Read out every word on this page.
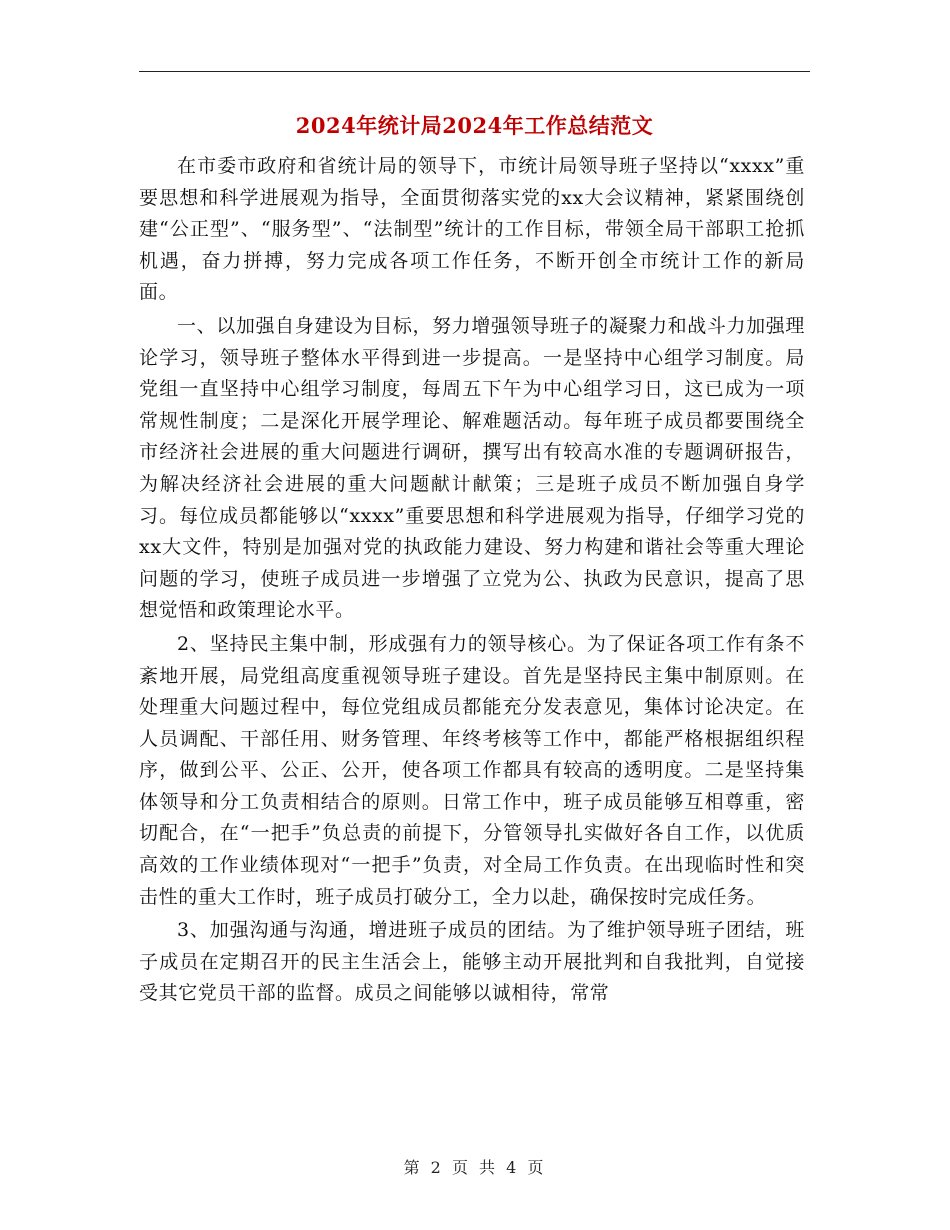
2024年统计局2024年工作总结范文

在市委市政府和省统计局的领导下，市统计局领导班子坚持以“xxxx”重要思想和科学进展观为指导，全面贯彻落实党的xx大会议精神，紧紧围绕创建“公正型”、“服务型”、“法制型”统计的工作目标，带领全局干部职工抢抓机遇，奋力拼搏，努力完成各项工作任务，不断开创全市统计工作的新局面。

一、以加强自身建设为目标，努力增强领导班子的凝聚力和战斗力加强理论学习，领导班子整体水平得到进一步提高。一是坚持中心组学习制度。局党组一直坚持中心组学习制度，每周五下午为中心组学习日，这已成为一项常规性制度；二是深化开展学理论、解难题活动。每年班子成员都要围绕全市经济社会进展的重大问题进行调研，撰写出有较高水准的专题调研报告，为解决经济社会进展的重大问题献计献策；三是班子成员不断加强自身学习。每位成员都能够以“xxxx”重要思想和科学进展观为指导，仔细学习党的xx大文件，特别是加强对党的执政能力建设、努力构建和谐社会等重大理论问题的学习，使班子成员进一步增强了立党为公、执政为民意识，提高了思想觉悟和政策理论水平。

2、坚持民主集中制，形成强有力的领导核心。为了保证各项工作有条不紊地开展，局党组高度重视领导班子建设。首先是坚持民主集中制原则。在处理重大问题过程中，每位党组成员都能充分发表意见，集体讨论决定。在人员调配、干部任用、财务管理、年终考核等工作中，都能严格根据组织程序，做到公平、公正、公开，使各项工作都具有较高的透明度。二是坚持集体领导和分工负责相结合的原则。日常工作中，班子成员能够互相尊重，密切配合，在“一把手”负总责的前提下，分管领导扎实做好各自工作，以优质高效的工作业绩体现对“一把手”负责，对全局工作负责。在出现临时性和突击性的重大工作时，班子成员打破分工，全力以赴，确保按时完成任务。

3、加强沟通与沟通，增进班子成员的团结。为了维护领导班子团结，班子成员在定期召开的民主生活会上，能够主动开展批判和自我批判，自觉接受其它党员干部的监督。成员之间能够以诚相待，常常

第 2 页 共 4 页
